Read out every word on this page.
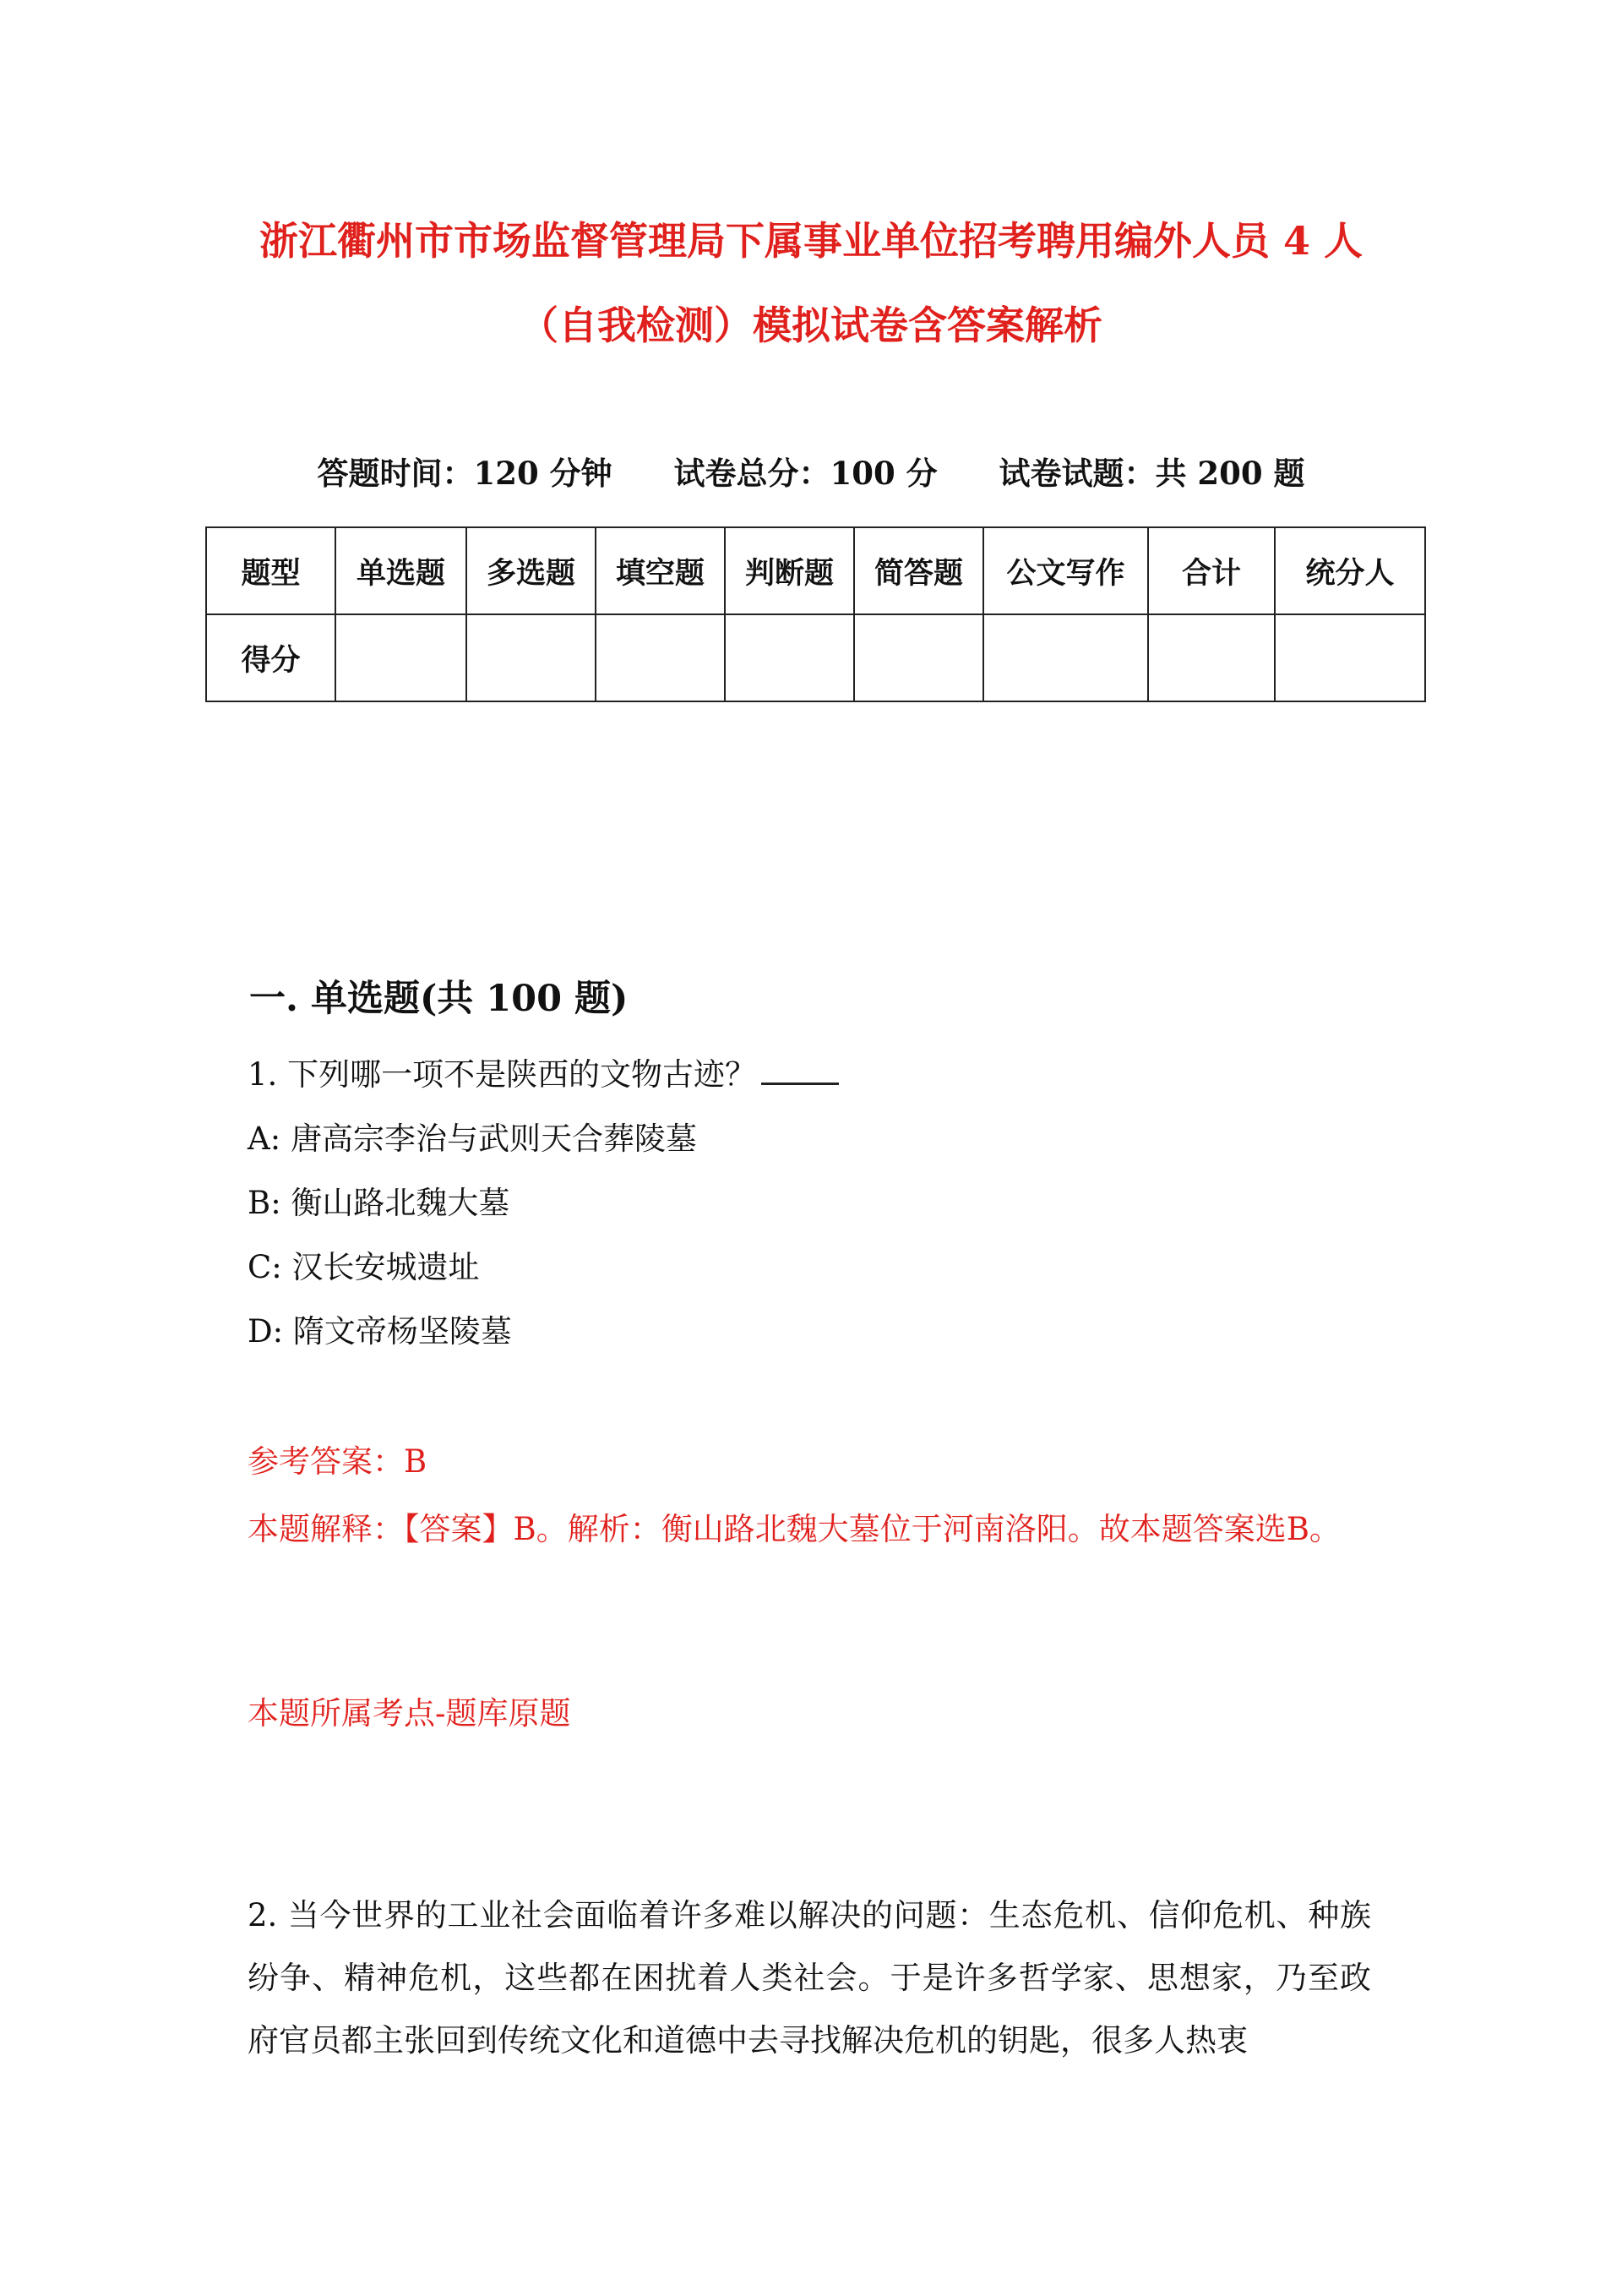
浙江衢州市市场监督管理局下属事业单位招考聘用编外人员 4 人
（自我检测）模拟试卷含答案解析
答题时间：120 分钟 试卷总分：100 分 试卷试题：共 200 题
题型	单选题	多选题	填空题	判断题	简答题	公文写作	合计	统分人
得分								
一. 单选题(共 100 题)
1. 下列哪一项不是陕西的文物古迹？
A: 唐高宗李治与武则天合葬陵墓
B: 衡山路北魏大墓
C: 汉长安城遗址
D: 隋文帝杨坚陵墓
参考答案：B
本题解释：【答案】B。解析：衡山路北魏大墓位于河南洛阳。故本题答案选B。
本题所属考点-题库原题
2. 当今世界的工业社会面临着许多难以解决的问题：生态危机、信仰危机、种族纷争、精神危机，这些都在困扰着人类社会。于是许多哲学家、思想家，乃至政府官员都主张回到传统文化和道德中去寻找解决危机的钥匙，很多人热衷
